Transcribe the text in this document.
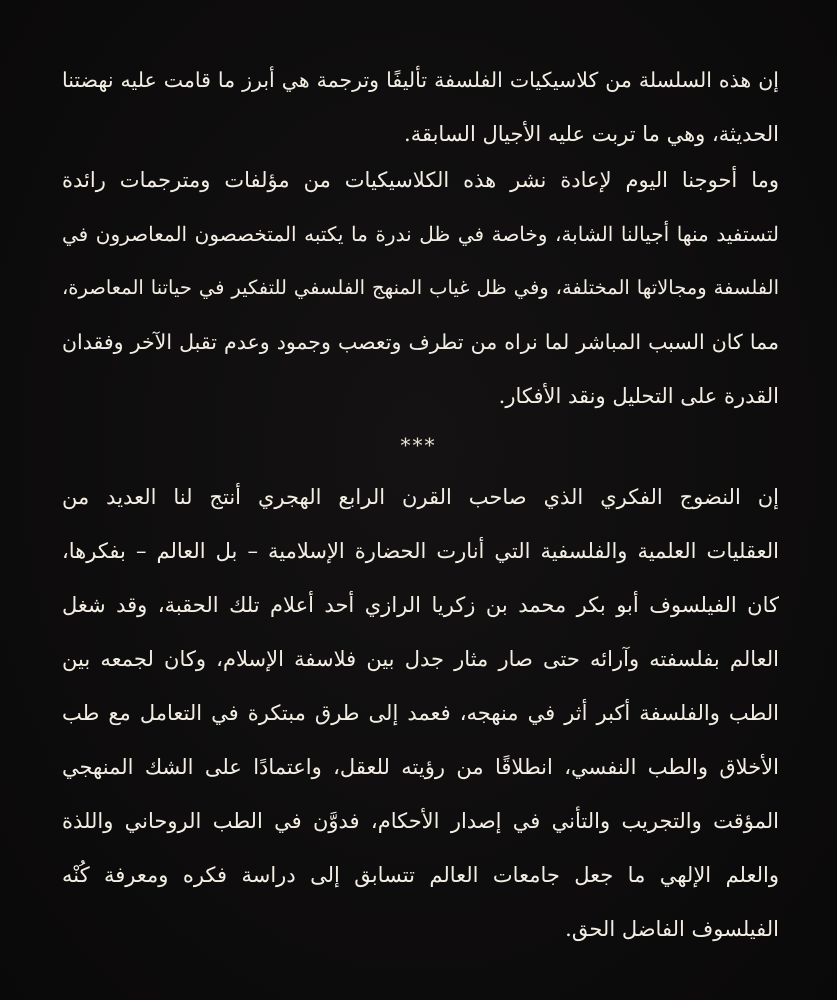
إن هذه السلسلة من كلاسيكيات الفلسفة تأليفًا وترجمة هي أبرز ما قامت عليه نهضتنا
الحديثة، وهي ما تربت عليه الأجيال السابقة.
وما أحوجنا اليوم لإعادة نشر هذه الكلاسيكيات من مؤلفات ومترجمات رائدة
لتستفيد منها أجيالنا الشابة، وخاصة في ظل ندرة ما يكتبه المتخصصون المعاصرون في
الفلسفة ومجالاتها المختلفة، وفي ظل غياب المنهج الفلسفي للتفكير في حياتنا المعاصرة،
مما كان السبب المباشر لما نراه من تطرف وتعصب وجمود وعدم تقبل الآخر وفقدان
القدرة على التحليل ونقد الأفكار.
***
إن النضوج الفكري الذي صاحب القرن الرابع الهجري أنتج لنا العديد من
العقليات العلمية والفلسفية التي أنارت الحضارة الإسلامية – بل العالم – بفكرها،
كان الفيلسوف أبو بكر محمد بن زكريا الرازي أحد أعلام تلك الحقبة، وقد شغل
العالم بفلسفته وآرائه حتى صار مثار جدل بين فلاسفة الإسلام، وكان لجمعه بين
الطب والفلسفة أكبر أثر في منهجه، فعمد إلى طرق مبتكرة في التعامل مع طب
الأخلاق والطب النفسي، انطلاقًا من رؤيته للعقل، واعتمادًا على الشك المنهجي
المؤقت والتجريب والتأني في إصدار الأحكام، فدوَّن في الطب الروحاني واللذة
والعلم الإلهي ما جعل جامعات العالم تتسابق إلى دراسة فكره ومعرفة كُنْه
الفيلسوف الفاضل الحق.
